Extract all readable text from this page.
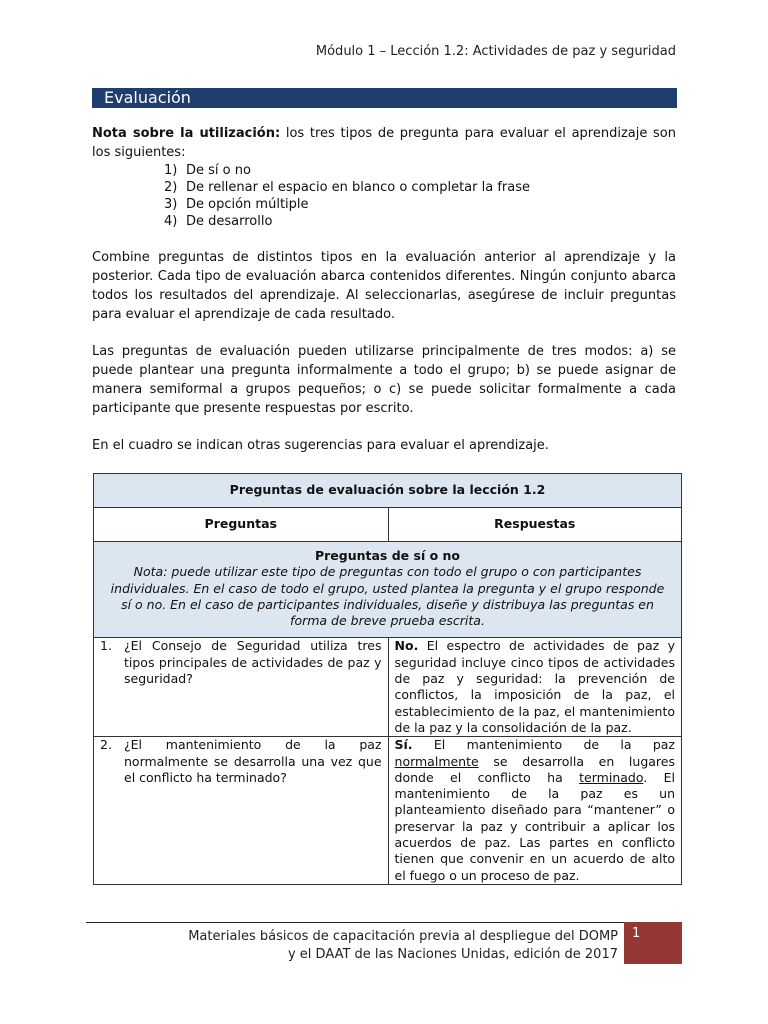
Módulo 1 – Lección 1.2: Actividades de paz y seguridad
Evaluación

Nota sobre la utilización: los tres tipos de pregunta para evaluar el aprendizaje son los siguientes:

1) De sí o no
2) De rellenar el espacio en blanco o completar la frase
3) De opción múltiple
4) De desarrollo

Combine preguntas de distintos tipos en la evaluación anterior al aprendizaje y la posterior. Cada tipo de evaluación abarca contenidos diferentes. Ningún conjunto abarca todos los resultados del aprendizaje. Al seleccionarlas, asegúrese de incluir preguntas para evaluar el aprendizaje de cada resultado.

Las preguntas de evaluación pueden utilizarse principalmente de tres modos: a) se puede plantear una pregunta informalmente a todo el grupo; b) se puede asignar de manera semiformal a grupos pequeños; o c) se puede solicitar formalmente a cada participante que presente respuestas por escrito.

En el cuadro se indican otras sugerencias para evaluar el aprendizaje.

Preguntas de evaluación sobre la lección 1.2	
Preguntas	Respuestas

Preguntas de sí o no
Nota: puede utilizar este tipo de preguntas con todo el grupo o con participantes individuales. En el caso de todo el grupo, usted plantea la pregunta y el grupo responde sí o no. En el caso de participantes individuales, diseñe y distribuya las preguntas en forma de breve prueba escrita.	

1. ¿El Consejo de Seguridad utiliza tres tipos principales de actividades de paz y seguridad?	No. El espectro de actividades de paz y seguridad incluye cinco tipos de actividades de paz y seguridad: la prevención de conflictos, la imposición de la paz, el establecimiento de la paz, el mantenimiento de la paz y la consolidación de la paz.

2. ¿El mantenimiento de la paz normalmente se desarrolla una vez que el conflicto ha terminado?	Sí. El mantenimiento de la paz normalmente se desarrolla en lugares donde el conflicto ha terminado. El mantenimiento de la paz es un planteamiento diseñado para “mantener” o preservar la paz y contribuir a aplicar los acuerdos de paz. Las partes en conflicto tienen que convenir en un acuerdo de alto el fuego o un proceso de paz.
Materiales básicos de capacitación previa al despliegue del DOMP
y el DAAT de las Naciones Unidas, edición de 2017
1
